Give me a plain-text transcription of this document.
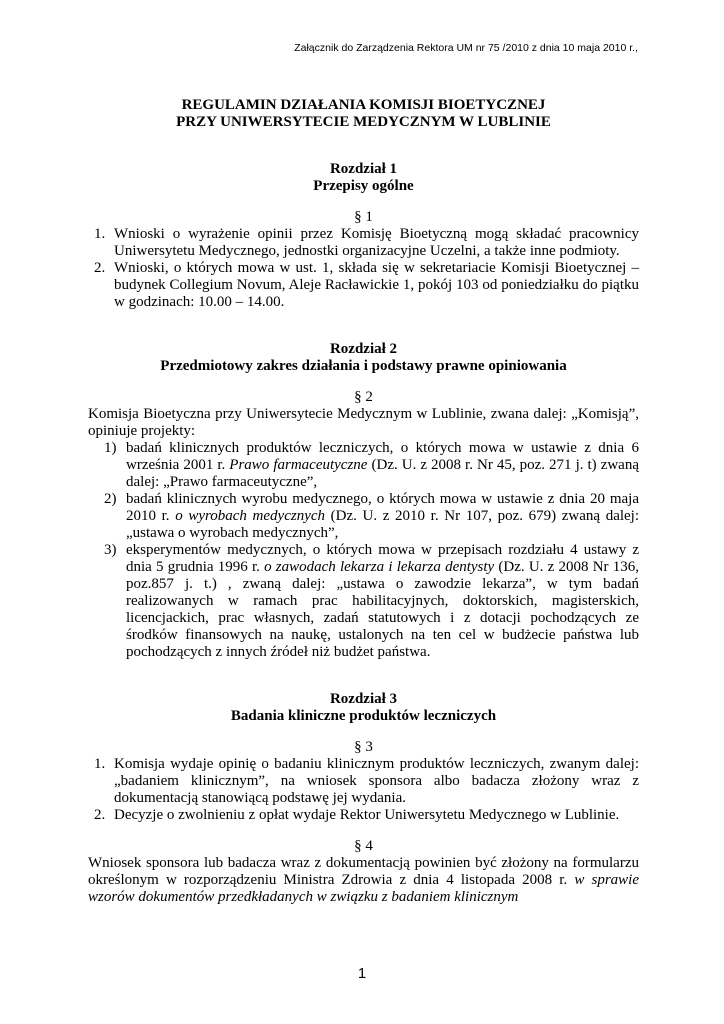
Załącznik do Zarządzenia Rektora UM nr 75 /2010 z dnia 10 maja 2010 r.,

REGULAMIN DZIAŁANIA KOMISJI BIOETYCZNEJ

PRZY UNIWERSYTECIE MEDYCZNYM W LUBLINIE

Rozdział 1
Przepisy ogólne
§ 1
1. Wnioski o wyrażenie opinii przez Komisję Bioetyczną mogą składać pracownicy Uniwersytetu Medycznego, jednostki organizacyjne Uczelni, a także inne podmioty.
2. Wnioski, o których mowa w ust. 1, składa się w sekretariacie Komisji Bioetycznej – budynek Collegium Novum, Aleje Racławickie 1, pokój 103 od poniedziałku do piątku w godzinach: 10.00 – 14.00.
Rozdział 2
Przedmiotowy zakres działania i podstawy prawne opiniowania
§ 2
Komisja Bioetyczna przy Uniwersytecie Medycznym w Lublinie, zwana dalej: „Komisją”, opiniuje projekty:
1) badań klinicznych produktów leczniczych, o których mowa w ustawie z dnia 6 września 2001 r. Prawo farmaceutyczne (Dz. U. z 2008 r. Nr 45, poz. 271 j. t) zwaną dalej: „Prawo farmaceutyczne”,
2) badań klinicznych wyrobu medycznego, o których mowa w ustawie z dnia 20 maja 2010 r. o wyrobach medycznych (Dz. U. z 2010 r. Nr 107, poz. 679) zwaną dalej: „ustawa o wyrobach medycznych”,
3) eksperymentów medycznych, o których mowa w przepisach rozdziału 4 ustawy z dnia 5 grudnia 1996 r. o zawodach lekarza i lekarza dentysty (Dz. U. z 2008 Nr 136, poz.857 j. t.) , zwaną dalej: „ustawa o zawodzie lekarza”, w tym badań realizowanych w ramach prac habilitacyjnych, doktorskich, magisterskich, licencjackich, prac własnych, zadań statutowych i z dotacji pochodzących ze środków finansowych na naukę, ustalonych na ten cel w budżecie państwa lub pochodzących z innych źródeł niż budżet państwa.
Rozdział 3
Badania kliniczne produktów leczniczych
§ 3
1. Komisja wydaje opinię o badaniu klinicznym produktów leczniczych, zwanym dalej: „badaniem klinicznym”, na wniosek sponsora albo badacza złożony wraz z dokumentacją stanowiącą podstawę jej wydania.
2. Decyzje o zwolnieniu z opłat wydaje Rektor Uniwersytetu Medycznego w Lublinie.
§ 4
Wniosek sponsora lub badacza wraz z dokumentacją powinien być złożony na formularzu określonym w rozporządzeniu Ministra Zdrowia z dnia 4 listopada 2008 r. w sprawie wzorów dokumentów przedkładanych w związku z badaniem klinicznym
1
